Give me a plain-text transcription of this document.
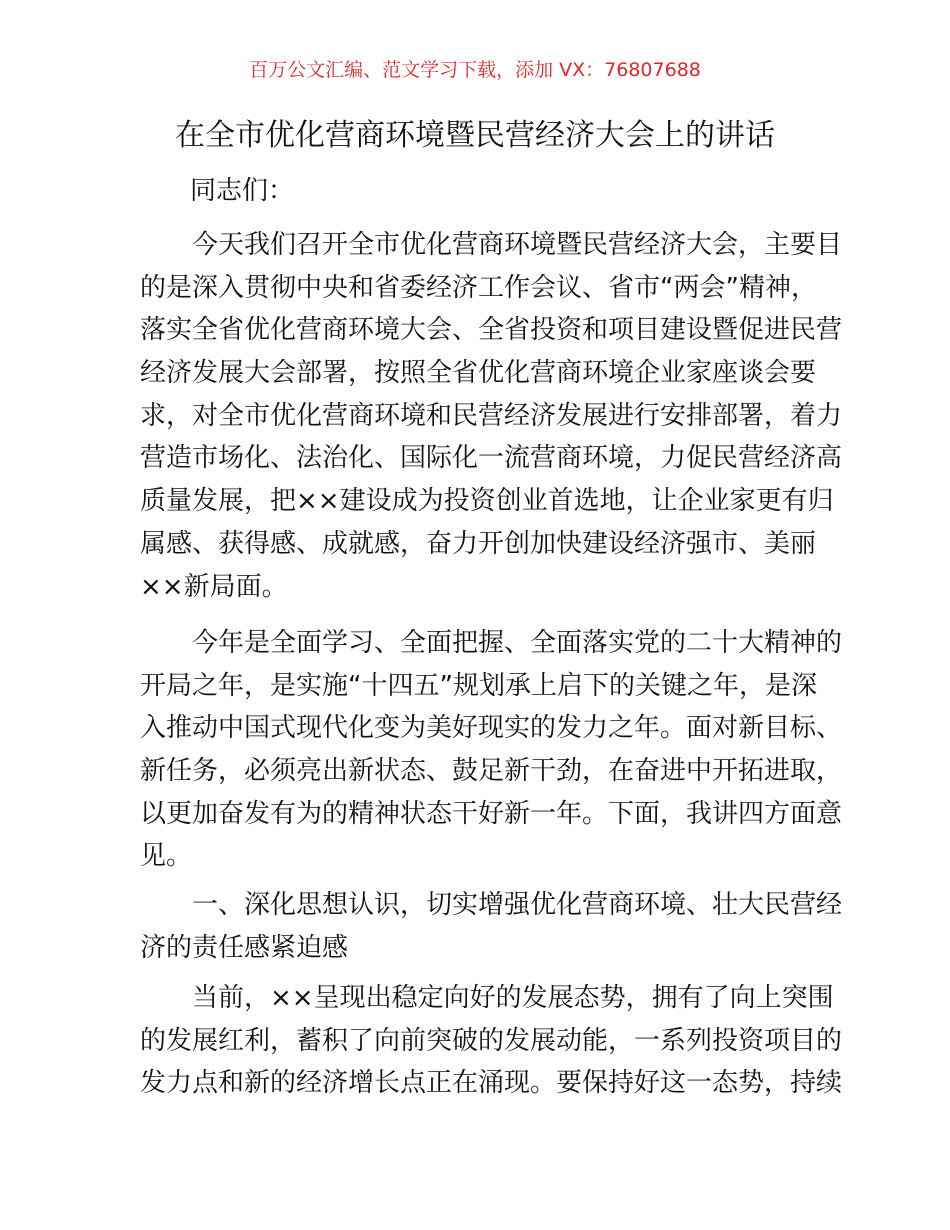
百万公文汇编、范文学习下载，添加 VX：76807688
在全市优化营商环境暨民营经济大会上的讲话
同志们：
今天我们召开全市优化营商环境暨民营经济大会，主要目
的是深入贯彻中央和省委经济工作会议、省市“两会”精神，
落实全省优化营商环境大会、全省投资和项目建设暨促进民营
经济发展大会部署，按照全省优化营商环境企业家座谈会要
求，对全市优化营商环境和民营经济发展进行安排部署，着力
营造市场化、法治化、国际化一流营商环境，力促民营经济高
质量发展，把××建设成为投资创业首选地，让企业家更有归
属感、获得感、成就感，奋力开创加快建设经济强市、美丽
××新局面。
今年是全面学习、全面把握、全面落实党的二十大精神的
开局之年，是实施“十四五”规划承上启下的关键之年，是深
入推动中国式现代化变为美好现实的发力之年。面对新目标、
新任务，必须亮出新状态、鼓足新干劲，在奋进中开拓进取，
以更加奋发有为的精神状态干好新一年。下面，我讲四方面意
见。
一、深化思想认识，切实增强优化营商环境、壮大民营经
济的责任感紧迫感
当前，××呈现出稳定向好的发展态势，拥有了向上突围
的发展红利，蓄积了向前突破的发展动能，一系列投资项目的
发力点和新的经济增长点正在涌现。要保持好这一态势，持续
